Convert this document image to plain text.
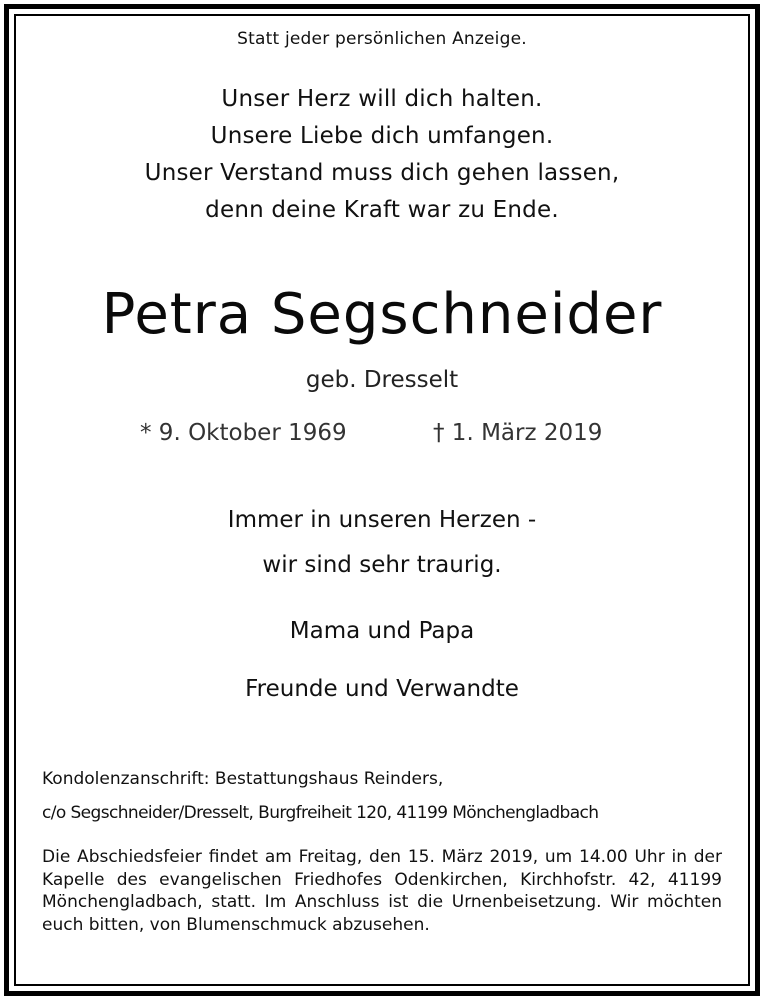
Statt jeder persönlichen Anzeige.
Unser Herz will dich halten.
Unsere Liebe dich umfangen.
Unser Verstand muss dich gehen lassen,
denn deine Kraft war zu Ende.
Petra Segschneider
geb. Dresselt
* 9. Oktober 1969	† 1. März 2019
Immer in unseren Herzen -
wir sind sehr traurig.
Mama und Papa
Freunde und Verwandte
Kondolenzanschrift: Bestattungshaus Reinders,
c/o Segschneider/Dresselt, Burgfreiheit 120, 41199 Mönchengladbach
Die Abschiedsfeier findet am Freitag, den 15. März 2019, um 14.00 Uhr in der Kapelle des evangelischen Friedhofes Odenkirchen, Kirchhofstr. 42, 41199 Mönchengladbach, statt. Im Anschluss ist die Urnenbeisetzung. Wir möchten euch bitten, von Blumenschmuck abzusehen.
